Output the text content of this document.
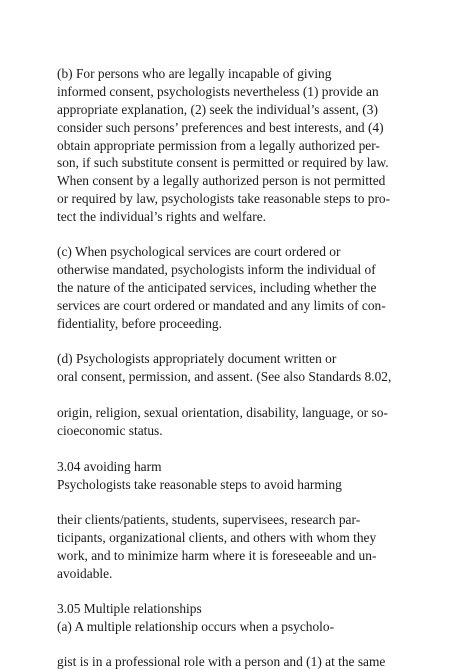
(b) For persons who are legally incapable of giving

informed consent, psychologists nevertheless (1) provide an

appropriate explanation, (2) seek the individual’s assent, (3)

consider such persons’ preferences and best interests, and (4)

obtain appropriate permission from a legally authorized per-

son, if such substitute consent is permitted or required by law.

When consent by a legally authorized person is not permitted

or required by law, psychologists take reasonable steps to pro-

tect the individual’s rights and welfare.

(c) When psychological services are court ordered or

otherwise mandated, psychologists inform the individual of

the nature of the anticipated services, including whether the

services are court ordered or mandated and any limits of con-

fidentiality, before proceeding.

(d) Psychologists appropriately document written or

oral consent, permission, and assent. (See also Standards 8.02,

origin, religion, sexual orientation, disability, language, or so-

cioeconomic status.

3.04 avoiding harm

Psychologists take reasonable steps to avoid harming

their clients/patients, students, supervisees, research par-

ticipants, organizational clients, and others with whom they

work, and to minimize harm where it is foreseeable and un-

avoidable.

3.05 Multiple relationships

(a) A multiple relationship occurs when a psycholo-

gist is in a professional role with a person and (1) at the same
